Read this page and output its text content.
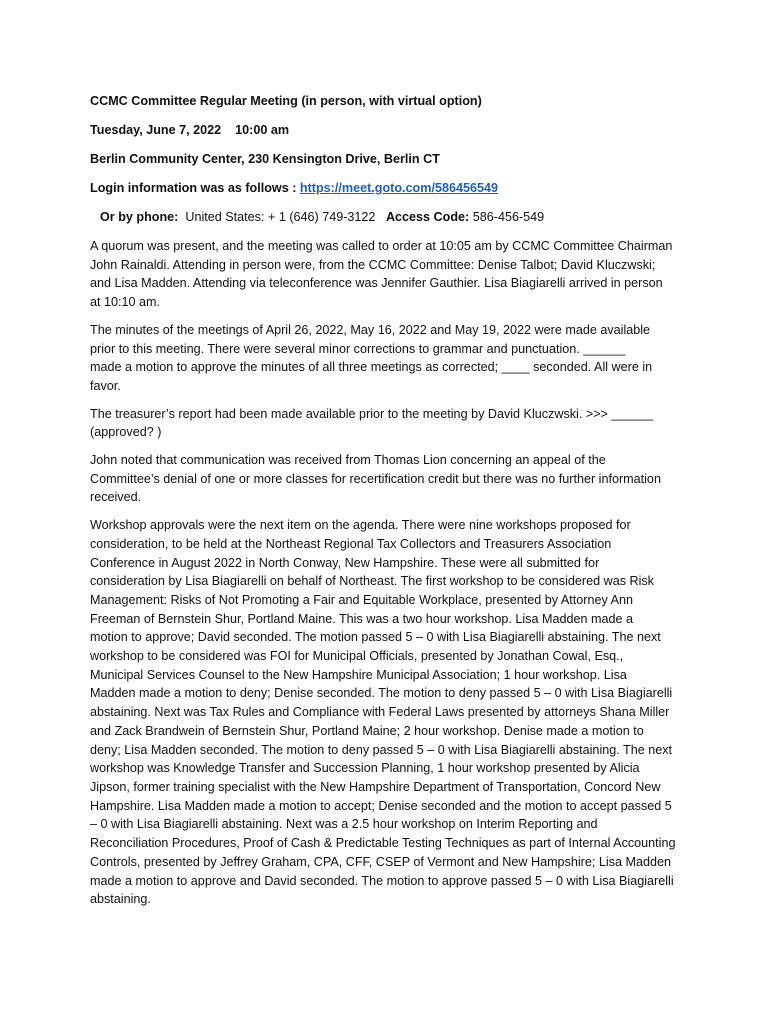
CCMC Committee Regular Meeting (in person, with virtual option)
Tuesday, June 7, 2022    10:00 am
Berlin Community Center, 230 Kensington Drive, Berlin CT
Login information was as follows : https://meet.goto.com/586456549
Or by phone:  United States: + 1 (646) 749-3122   Access Code: 586-456-549

A quorum was present, and the meeting was called to order at 10:05 am by CCMC Committee Chairman
John Rainaldi. Attending in person were, from the CCMC Committee: Denise Talbot; David Kluczwski;
and Lisa Madden. Attending via teleconference was Jennifer Gauthier. Lisa Biagiarelli arrived in person
at 10:10 am.

The minutes of the meetings of April 26, 2022, May 16, 2022 and May 19, 2022 were made available
prior to this meeting. There were several minor corrections to grammar and punctuation. ______
made a motion to approve the minutes of all three meetings as corrected; ____ seconded. All were in
favor.

The treasurer’s report had been made available prior to the meeting by David Kluczwski. >>> ______
(approved? )

John noted that communication was received from Thomas Lion concerning an appeal of the
Committee’s denial of one or more classes for recertification credit but there was no further information
received.

Workshop approvals were the next item on the agenda. There were nine workshops proposed for
consideration, to be held at the Northeast Regional Tax Collectors and Treasurers Association
Conference in August 2022 in North Conway, New Hampshire. These were all submitted for
consideration by Lisa Biagiarelli on behalf of Northeast. The first workshop to be considered was Risk
Management: Risks of Not Promoting a Fair and Equitable Workplace, presented by Attorney Ann
Freeman of Bernstein Shur, Portland Maine. This was a two hour workshop. Lisa Madden made a
motion to approve; David seconded. The motion passed 5 – 0 with Lisa Biagiarelli abstaining. The next
workshop to be considered was FOI for Municipal Officials, presented by Jonathan Cowal, Esq.,
Municipal Services Counsel to the New Hampshire Municipal Association; 1 hour workshop. Lisa
Madden made a motion to deny; Denise seconded. The motion to deny passed 5 – 0 with Lisa Biagiarelli
abstaining. Next was Tax Rules and Compliance with Federal Laws presented by attorneys Shana Miller
and Zack Brandwein of Bernstein Shur, Portland Maine; 2 hour workshop. Denise made a motion to
deny; Lisa Madden seconded. The motion to deny passed 5 – 0 with Lisa Biagiarelli abstaining. The next
workshop was Knowledge Transfer and Succession Planning, 1 hour workshop presented by Alicia
Jipson, former training specialist with the New Hampshire Department of Transportation, Concord New
Hampshire. Lisa Madden made a motion to accept; Denise seconded and the motion to accept passed 5
– 0 with Lisa Biagiarelli abstaining. Next was a 2.5 hour workshop on Interim Reporting and
Reconciliation Procedures, Proof of Cash & Predictable Testing Techniques as part of Internal Accounting
Controls, presented by Jeffrey Graham, CPA, CFF, CSEP of Vermont and New Hampshire; Lisa Madden
made a motion to approve and David seconded. The motion to approve passed 5 – 0 with Lisa Biagiarelli
abstaining.
